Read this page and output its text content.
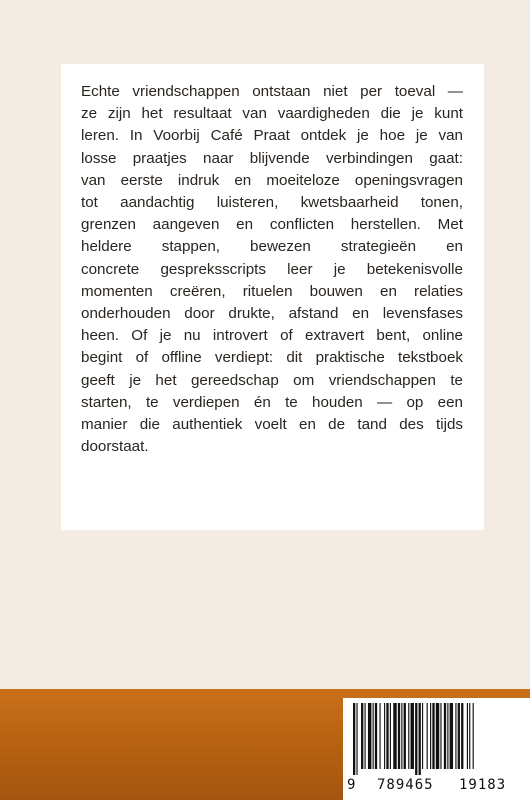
Echte vriendschappen ontstaan niet per toeval —
ze zijn het resultaat van vaardigheden die je kunt
leren. In Voorbij Café Praat ontdek je hoe je van
losse praatjes naar blijvende verbindingen gaat:
van eerste indruk en moeiteloze openingsvragen
tot aandachtig luisteren, kwetsbaarheid tonen,
grenzen aangeven en conflicten herstellen. Met
heldere stappen, bewezen strategieën en
concrete gespreksscripts leer je betekenisvolle
momenten creëren, rituelen bouwen en relaties
onderhouden door drukte, afstand en levensfases
heen. Of je nu introvert of extravert bent, online
begint of offline verdiept: dit praktische tekstboek
geeft je het gereedschap om vriendschappen te
starten, te verdiepen én te houden — op een
manier die authentiek voelt en de tand des tijds
doorstaat.

9 789465 19183
